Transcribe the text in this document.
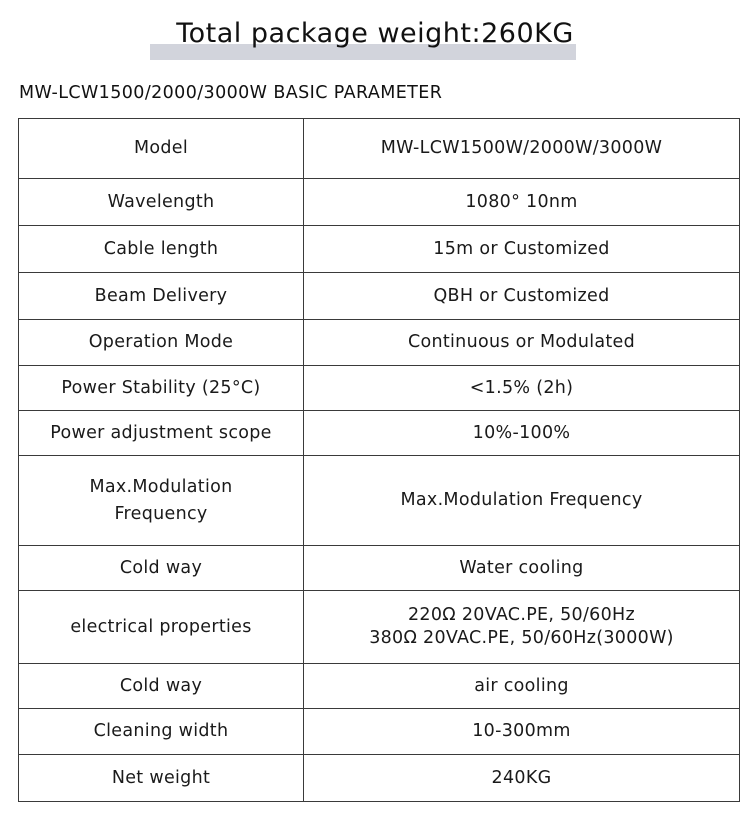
Total package weight:260KG
MW-LCW1500/2000/3000W BASIC PARAMETER
Model	MW-LCW1500W/2000W/3000W
Wavelength	1080° 10nm
Cable length	15m or Customized
Beam Delivery	QBH or Customized
Operation Mode	Continuous or Modulated
Power Stability (25°C)	<1.5% (2h)
Power adjustment scope	10%-100%

Max.Modulation Frequency	Max.Modulation Frequency
Cold way	Water cooling
electrical properties	220Ω 20VAC.PE, 50/60Hz
380Ω 20VAC.PE, 50/60Hz(3000W)

Cold way	air cooling
Cleaning width	10-300mm
Net weight	240KG
